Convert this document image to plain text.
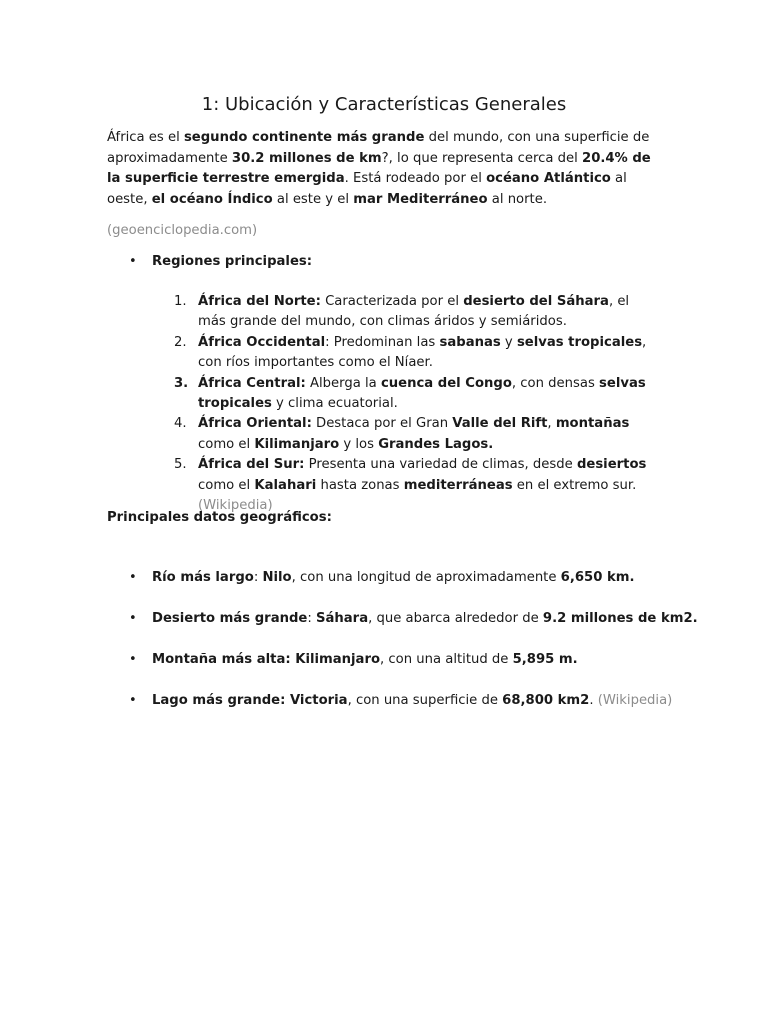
1: Ubicación y Características Generales

África es el segundo continente más grande del mundo, con una superficie de aproximadamente 30.2 millones de km?, lo que representa cerca del 20.4% de la superficie terrestre emergida. Está rodeado por el océano Atlántico al oeste, el océano Índico al este y el mar Mediterráneo al norte.

(geoenciclopedia.com)

• Regiones principales:
1. África del Norte: Caracterizada por el desierto del Sáhara, el más grande del mundo, con climas áridos y semiáridos.
2. África Occidental: Predominan las sabanas y selvas tropicales, con ríos importantes como el Níaer.
3. África Central: Alberga la cuenca del Congo, con densas selvas tropicales y clima ecuatorial.
4. África Oriental: Destaca por el Gran Valle del Rift, montañas como el Kilimanjaro y los Grandes Lagos.
5. África del Sur: Presenta una variedad de climas, desde desiertos como el Kalahari hasta zonas mediterráneas en el extremo sur. (Wikipedia)

Principales datos geográficos:

• Río más largo: Nilo, con una longitud de aproximadamente 6,650 km.
• Desierto más grande: Sáhara, que abarca alrededor de 9.2 millones de km2.
• Montaña más alta: Kilimanjaro, con una altitud de 5,895 m.
• Lago más grande: Victoria, con una superficie de 68,800 km2. (Wikipedia)
